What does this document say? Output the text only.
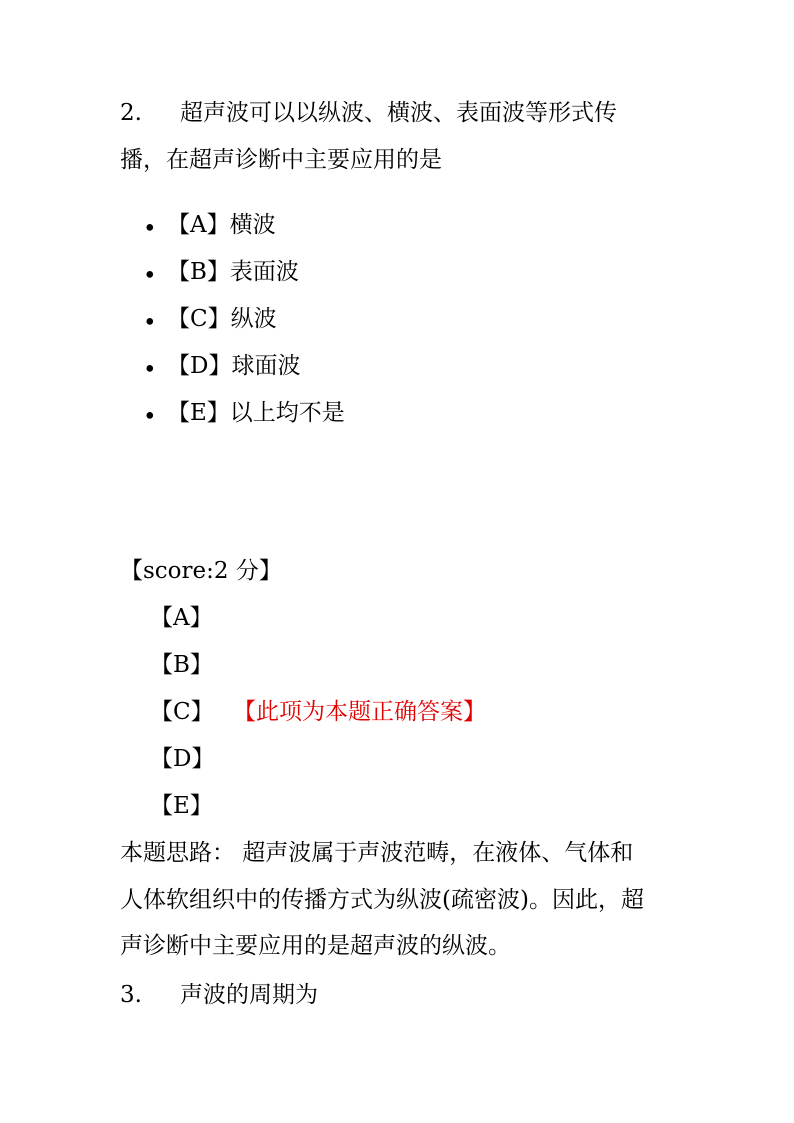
2. 超声波可以以纵波、横波、表面波等形式传
播，在超声诊断中主要应用的是
• 【A】横波
• 【B】表面波
• 【C】纵波
• 【D】球面波
• 【E】以上均不是
【score:2 分】
【A】
【B】
【C】 【此项为本题正确答案】
【D】
【E】
本题思路： 超声波属于声波范畴，在液体、气体和
人体软组织中的传播方式为纵波(疏密波)。因此，超
声诊断中主要应用的是超声波的纵波。
3. 声波的周期为
